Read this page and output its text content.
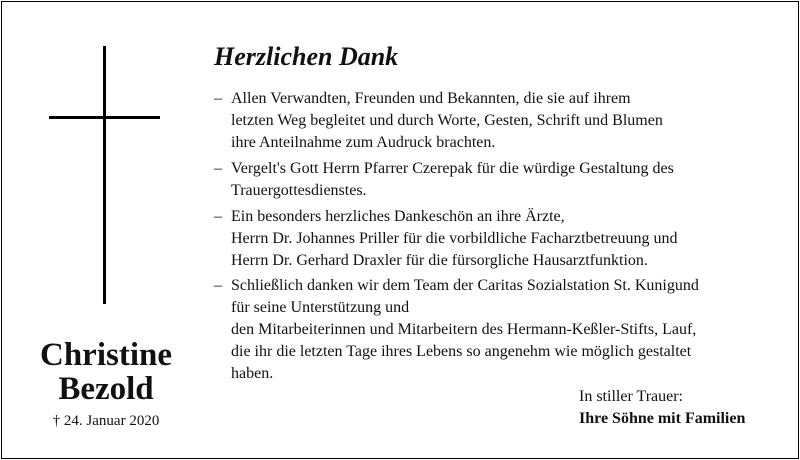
Christine
Bezold
† 24. Januar 2020
Herzlichen Dank
– Allen Verwandten, Freunden und Bekannten, die sie auf ihrem
letzten Weg begleitet und durch Worte, Gesten, Schrift und Blumen
ihre Anteilnahme zum Audruck brachten.
– Vergelt's Gott Herrn Pfarrer Czerepak für die würdige Gestaltung des
Trauergottesdienstes.
– Ein besonders herzliches Dankeschön an ihre Ärzte,
Herrn Dr. Johannes Priller für die vorbildliche Facharztbetreuung und
Herrn Dr. Gerhard Draxler für die fürsorgliche Hausarztfunktion.
– Schließlich danken wir dem Team der Caritas Sozialstation St. Kunigund
für seine Unterstützung und
den Mitarbeiterinnen und Mitarbeitern des Hermann-Keßler-Stifts, Lauf,
die ihr die letzten Tage ihres Lebens so angenehm wie möglich gestaltet
haben.
In stiller Trauer:
Ihre Söhne mit Familien
